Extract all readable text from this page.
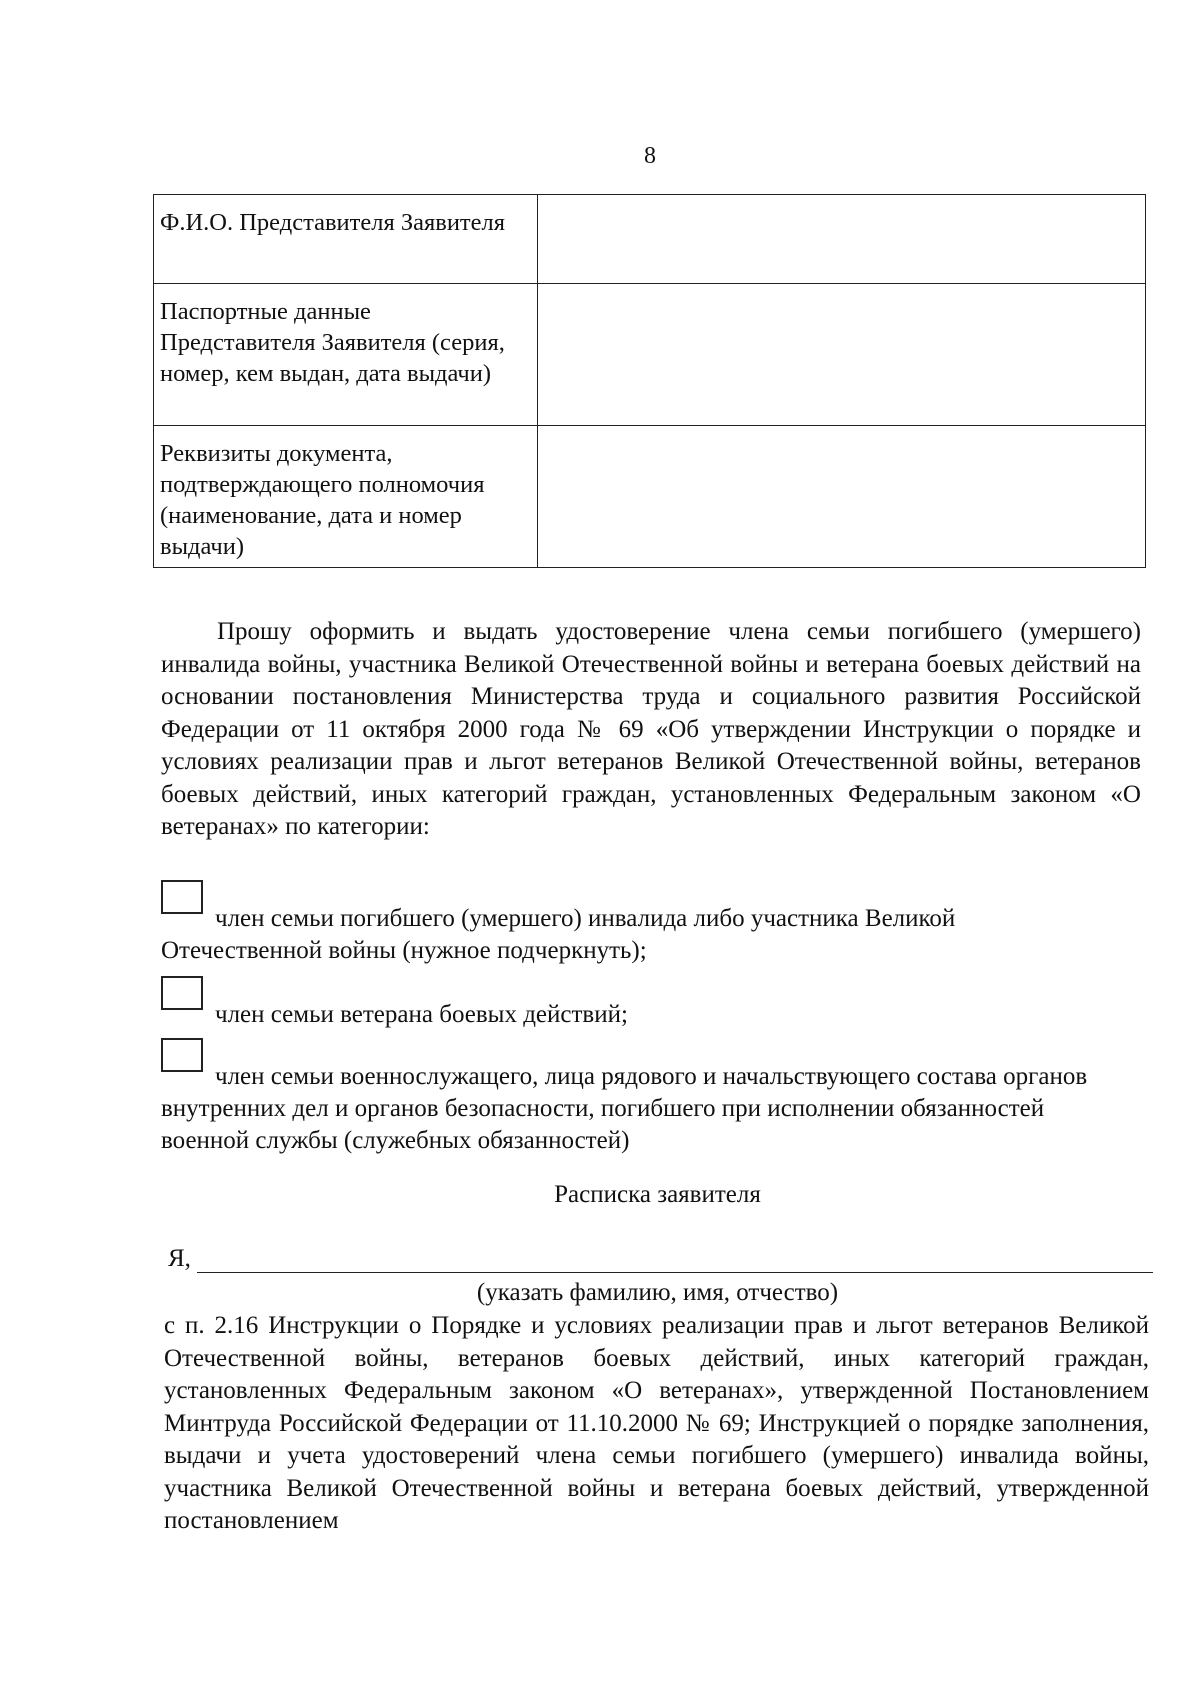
8
Ф.И.О. Представителя Заявителя	
Паспортные данные Представителя Заявителя (серия, номер, кем выдан, дата выдачи)	
Реквизиты документа, подтверждающего полномочия (наименование, дата и номер выдачи)	

Прошу оформить и выдать удостоверение члена семьи погибшего (умершего) инвалида войны, участника Великой Отечественной войны и ветерана боевых действий на основании постановления Министерства труда и социального развития Российской Федерации от 11 октября 2000 года № 69 «Об утверждении Инструкции о порядке и условиях реализации прав и льгот ветеранов Великой Отечественной войны, ветеранов боевых действий, иных категорий граждан, установленных Федеральным законом «О ветеранах» по категории:

член семьи погибшего (умершего) инвалида либо участника Великой Отечественной войны (нужное подчеркнуть);

член семьи ветерана боевых действий;

член семьи военнослужащего, лица рядового и начальствующего состава органов внутренних дел и органов безопасности, погибшего при исполнении обязанностей военной службы (служебных обязанностей)

Расписка заявителя
Я,
(указать фамилию, имя, отчество)

с п. 2.16 Инструкции о Порядке и условиях реализации прав и льгот ветеранов Великой Отечественной войны, ветеранов боевых действий, иных категорий граждан, установленных Федеральным законом «О ветеранах», утвержденной Постановлением Минтруда Российской Федерации от 11.10.2000 № 69; Инструкцией о порядке заполнения, выдачи и учета удостоверений члена семьи погибшего (умершего) инвалида войны, участника Великой Отечественной войны и ветерана боевых действий, утвержденной постановлением
